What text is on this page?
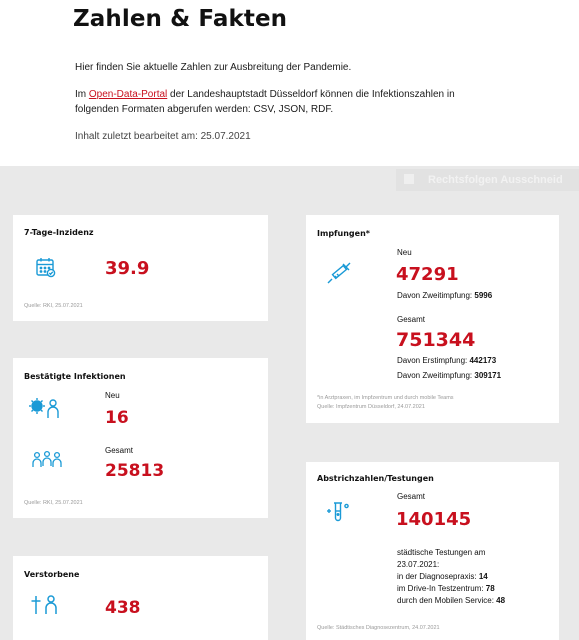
Zahlen & Fakten

Hier finden Sie aktuelle Zahlen zur Ausbreitung der Pandemie.

Im Open-Data-Portal der Landeshauptstadt Düsseldorf können die Infektionszahlen in

folgenden Formaten abgerufen werden: CSV, JSON, RDF.

Inhalt zuletzt bearbeitet am: 25.07.2021

Rechtsfolgen Ausschneid
7-Tage-Inzidenz
39.9
Quelle: RKI, 25.07.2021
Bestätigte Infektionen
Neu
16
Gesamt
25813
Quelle: RKI, 25.07.2021
Verstorbene
438
Impfungen*
Neu
47291
Davon Zweitimpfung: 5996
Gesamt
751344
Davon Erstimpfung: 442173
Davon Zweitimpfung: 309171
*in Arztpraxen, im Impfzentrum und durch mobile Teams
Quelle: Impfzentrum Düsseldorf, 24.07.2021
Abstrichzahlen/Testungen
Gesamt
140145
städtische Testungen am
23.07.2021:
in der Diagnosepraxis: 14
im Drive-In Testzentrum: 78
durch den Mobilen Service: 48
Quelle: Städtisches Diagnosezentrum, 24.07.2021
